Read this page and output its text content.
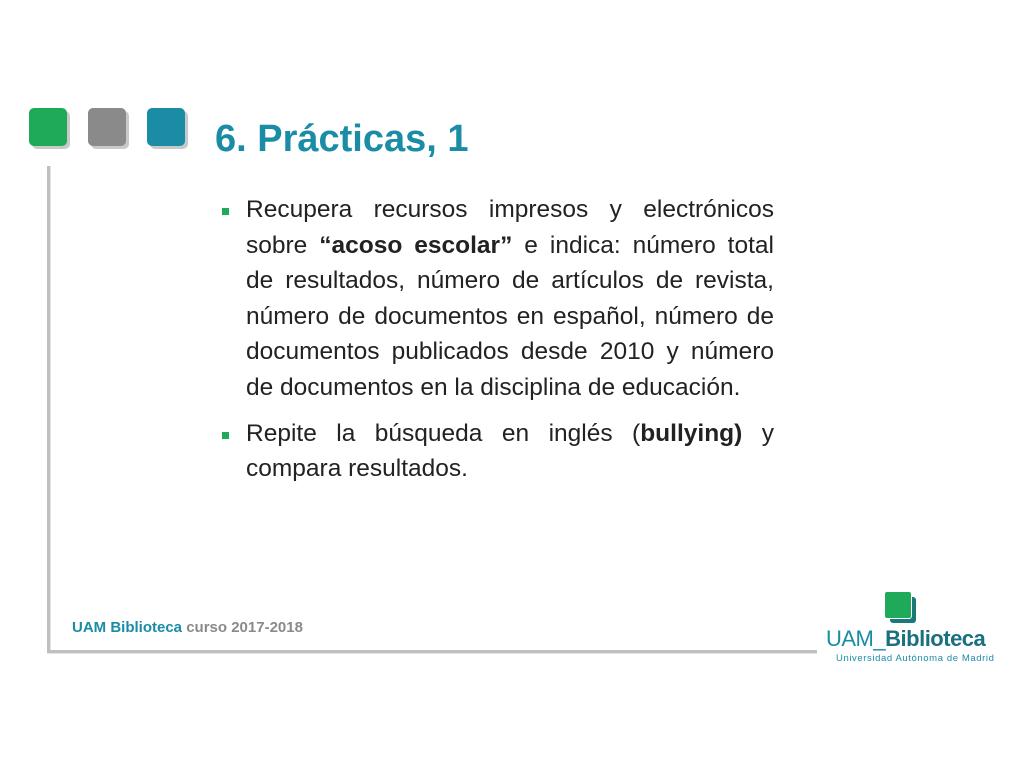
6. Prácticas, 1
Recupera recursos impresos y electrónicos sobre “acoso escolar” e indica: número total de resultados, número de artículos de revista, número de documentos en español, número de documentos publicados desde 2010 y número de documentos en la disciplina de educación.
Repite la búsqueda en inglés (bullying) y compara resultados.
UAM Biblioteca curso 2017-2018	UAM_Biblioteca
Universidad Autónoma de Madrid
